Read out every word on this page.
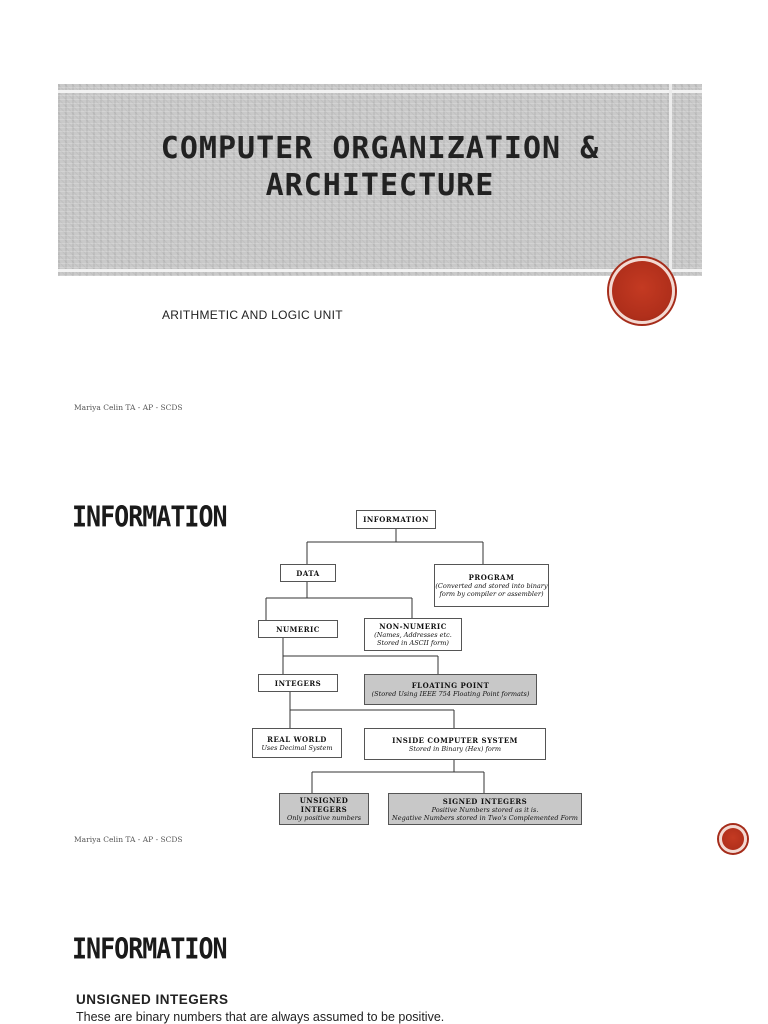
COMPUTER ORGANIZATION &
ARCHITECTURE
ARITHMETIC AND LOGIC UNIT
Mariya Celin TA - AP - SCDS
INFORMATION	INFORMATION
DATA	PROGRAM
(Converted and stored into binary
form by compiler or assembler)
NUMERIC	NON-NUMERIC
(Names, Addresses etc.
Stored in ASCII form)
INTEGERS	FLOATING POINT
(Stored Using IEEE 754 Floating Point formats)
REAL WORLD
Uses Decimal System
INSIDE COMPUTER SYSTEM
Stored in Binary (Hex) form
UNSIGNED INTEGERS
Only positive numbers
SIGNED INTEGERS
Positive Numbers stored as it is.
Negative Numbers stored in Two's Complemented Form
Mariya Celin TA - AP - SCDS
INFORMATION
UNSIGNED INTEGERS
These are binary numbers that are always assumed to be positive.
